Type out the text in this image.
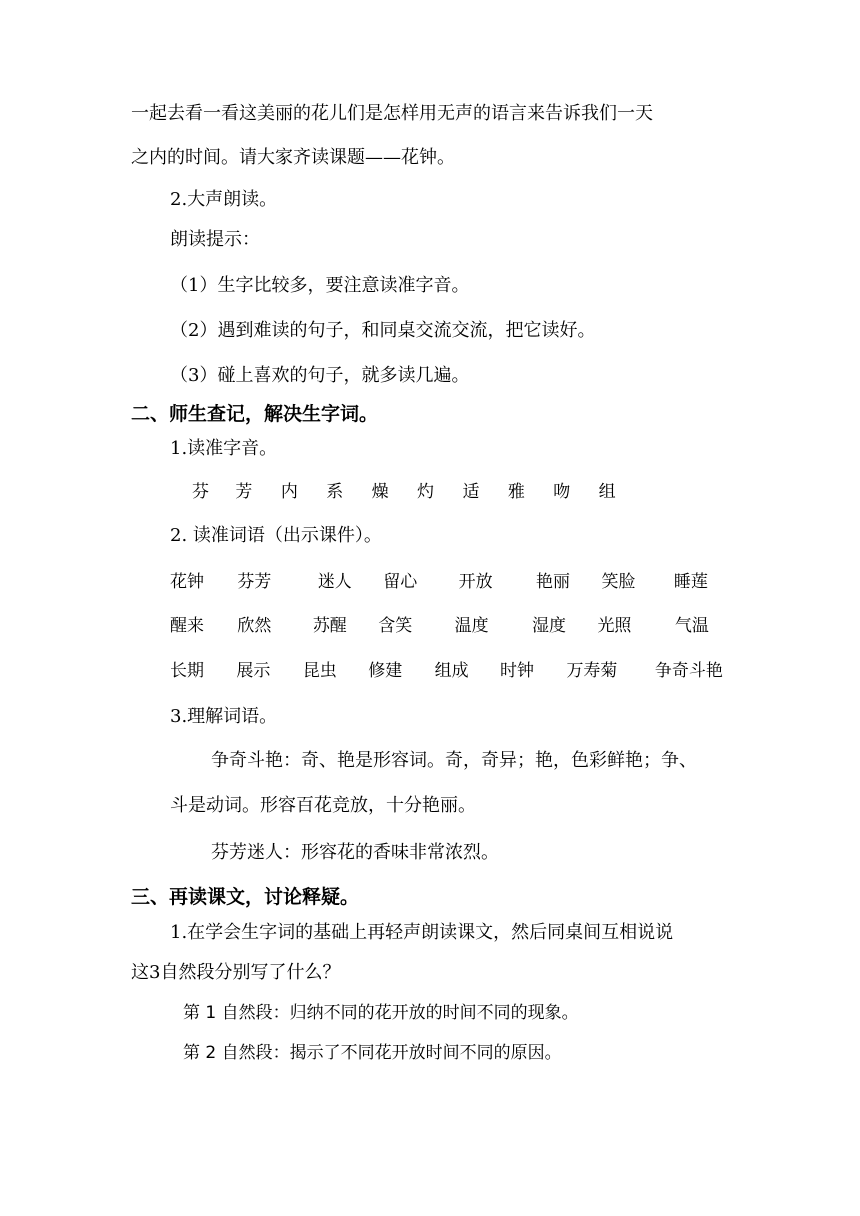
一起去看一看这美丽的花儿们是怎样用无声的语言来告诉我们一天
之内的时间。请大家齐读课题——花钟。
2.大声朗读。
朗读提示：
（1）生字比较多，要注意读准字音。
（2）遇到难读的句子，和同桌交流交流，把它读好。
（3）碰上喜欢的句子，就多读几遍。
二、师生查记，解决生字词。
1.读准字音。
芬 芳 内 系 燥 灼 适 雅 吻 组
2. 读准词语（出示课件）。
花钟 芬芳	迷人 留心 开放	艳丽 笑脸 睡莲
醒来 欣然 苏醒 含笑 温度	湿度 光照	气温
长期 展示 昆虫 修建 组成 时钟 万寿菊 争奇斗艳
3.理解词语。
争奇斗艳：奇、艳是形容词。奇，奇异；艳，色彩鲜艳；争、
斗是动词。形容百花竞放，十分艳丽。
芬芳迷人：形容花的香味非常浓烈。
三、再读课文，讨论释疑。
1.在学会生字词的基础上再轻声朗读课文，然后同桌间互相说说
这3自然段分别写了什么？
第 1 自然段：归纳不同的花开放的时间不同的现象。
第 2 自然段：揭示了不同花开放时间不同的原因。
